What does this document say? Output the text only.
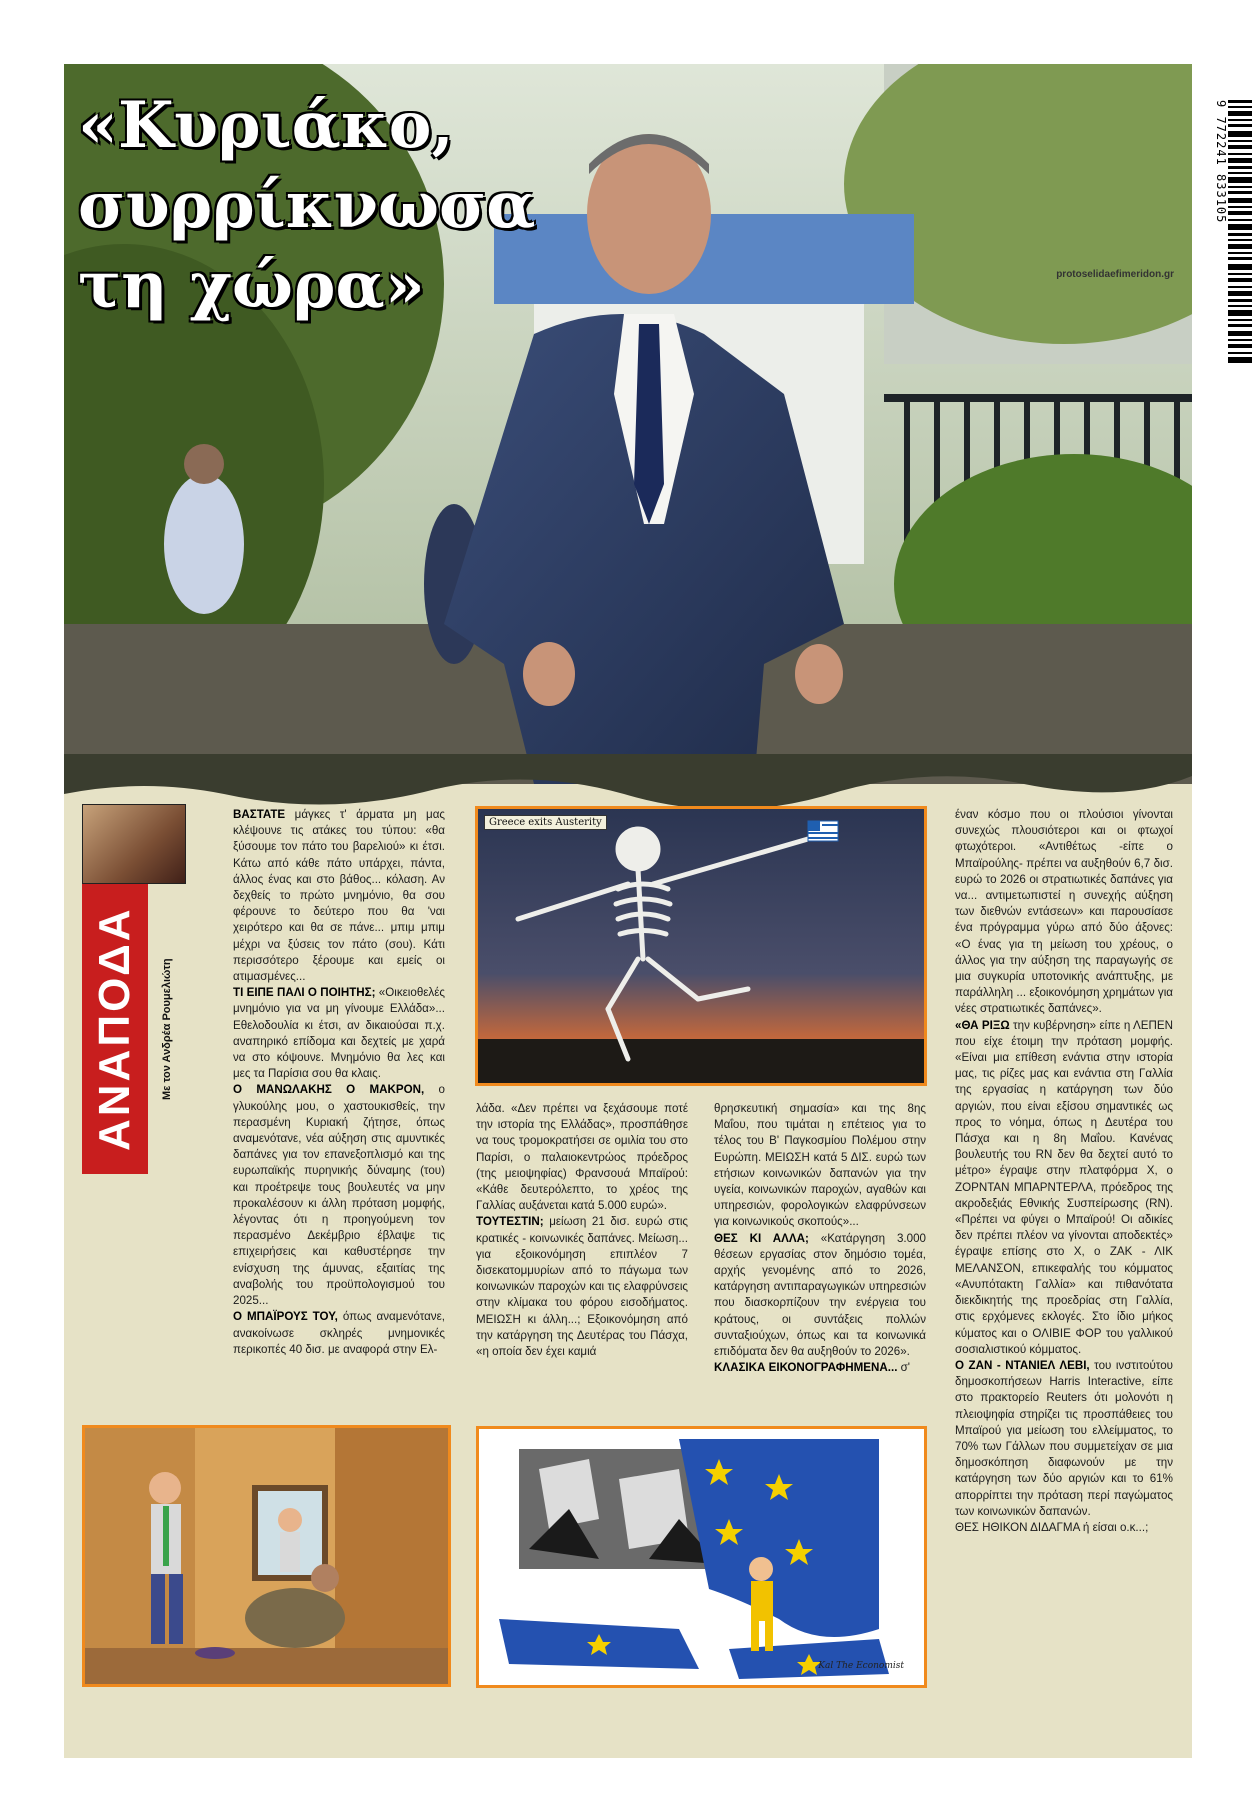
9 772241 833105
«Κυριάκο,
συρρίκνωσα
τη χώρα»	protoselidaefimeridon.gr
ΑΝΑΠΟΔΑ	Με τον Ανδρέα Ρουμελιώτη

ΒΑΣΤΑΤΕ μάγκες τ' άρματα μη μας κλέψουνε τις ατάκες του τύπου: «θα ξύσουμε τον πάτο του βαρελιού» κι έτσι. Κάτω από κάθε πάτο υπάρχει, πάντα, άλλος ένας και στο βάθος... κόλαση. Αν δεχθείς το πρώτο μνημόνιο, θα σου φέρουνε το δεύτερο που θα 'ναι χειρότερο και θα σε πάνε... μπιμ μπιμ μέχρι να ξύσεις τον πάτο (σου). Κάτι περισσότερο ξέρουμε και εμείς οι ατιμασμένες...

ΤΙ ΕΙΠΕ ΠΑΛΙ Ο ΠΟΙΗΤΗΣ; «Οικειοθελές μνημόνιο για να μη γίνουμε Ελλάδα»... Εθελοδουλία κι έτσι, αν δικαιούσαι π.χ. αναπηρικό επίδομα και δεχτείς με χαρά να στο κόψουνε. Μνημόνιο θα λες και μες τα Παρίσια σου θα κλαις.

Ο ΜΑΝΩΛΑΚΗΣ Ο ΜΑΚΡΟΝ, ο γλυκούλης μου, ο χαστουκισθείς, την περασμένη Κυριακή ζήτησε, όπως αναμενότανε, νέα αύξηση στις αμυντικές δαπάνες για τον επανεξοπλισμό και της ευρωπαϊκής πυρηνικής δύναμης (του) και προέτρεψε τους βουλευτές να μην προκαλέσουν κι άλλη πρόταση μομφής, λέγοντας ότι η προηγούμενη τον περασμένο Δεκέμβριο έβλαψε τις επιχειρήσεις και καθυστέρησε την ενίσχυση της άμυνας, εξαιτίας της αναβολής του προϋπολογισμού του 2025...

Ο ΜΠΑΪΡΟΥΣ ΤΟΥ, όπως αναμενότανε, ανακοίνωσε σκληρές μνημονικές περικοπές 40 δισ. με αναφορά στην Ελ-

λάδα. «Δεν πρέπει να ξεχάσουμε ποτέ την ιστορία της Ελλάδας», προσπάθησε να τους τρομοκρατήσει σε ομιλία του στο Παρίσι, ο παλαιοκεντρώος πρόεδρος (της μειοψηφίας) Φρανσουά Μπαϊρού: «Κάθε δευτερόλεπτο, το χρέος της Γαλλίας αυξάνεται κατά 5.000 ευρώ».

ΤΟΥΤΕΣΤΙΝ; μείωση 21 δισ. ευρώ στις κρατικές - κοινωνικές δαπάνες. Μείωση... για εξοικονόμηση επιπλέον 7 δισεκατομμυρίων από το πάγωμα των κοινωνικών παροχών και τις ελαφρύνσεις στην κλίμακα του φόρου εισοδήματος. ΜΕΙΩΣΗ κι άλλη...; Εξοικονόμηση από την κατάργηση της Δευτέρας του Πάσχα, «η οποία δεν έχει καμιά

θρησκευτική σημασία» και της 8ης Μαΐου, που τιμάται η επέτειος για το τέλος του Β' Παγκοσμίου Πολέμου στην Ευρώπη. ΜΕΙΩΣΗ κατά 5 ΔΙΣ. ευρώ των ετήσιων κοινωνικών δαπανών για την υγεία, κοινωνικών παροχών, αγαθών και υπηρεσιών, φορολογικών ελαφρύνσεων για κοινωνικούς σκοπούς»...

ΘΕΣ ΚΙ ΑΛΛΑ; «Κατάργηση 3.000 θέσεων εργασίας στον δημόσιο τομέα, αρχής γενομένης από το 2026, κατάργηση αντιπαραγωγικών υπηρεσιών που διασκορπίζουν την ενέργεια του κράτους, οι συντάξεις πολλών συνταξιούχων, όπως και τα κοινωνικά επιδόματα δεν θα αυξηθούν το 2026».

ΚΛΑΣΙΚΑ ΕΙΚΟΝΟΓΡΑΦΗΜΕΝΑ... σ'

έναν κόσμο που οι πλούσιοι γίνονται συνεχώς πλουσιότεροι και οι φτωχοί φτωχότεροι. «Αντιθέτως -είπε ο Μπαϊρούλης- πρέπει να αυξηθούν 6,7 δισ. ευρώ το 2026 οι στρατιωτικές δαπάνες για να... αντιμετωπιστεί η συνεχής αύξηση των διεθνών εντάσεων» και παρουσίασε ένα πρόγραμμα γύρω από δύο άξονες: «Ο ένας για τη μείωση του χρέους, ο άλλος για την αύξηση της παραγωγής σε μια συγκυρία υποτονικής ανάπτυξης, με παράλληλη ... εξοικονόμηση χρημάτων για νέες στρατιωτικές δαπάνες».

«ΘΑ ΡΙΞΩ την κυβέρνηση» είπε η ΛΕΠΕΝ που είχε έτοιμη την πρόταση μομφής. «Είναι μια επίθεση ενάντια στην ιστορία μας, τις ρίζες μας και ενάντια στη Γαλλία της εργασίας η κατάργηση των δύο αργιών, που είναι εξίσου σημαντικές ως προς το νόημα, όπως η Δευτέρα του Πάσχα και η 8η Μαΐου. Κανένας βουλευτής του RN δεν θα δεχτεί αυτό το μέτρο» έγραψε στην πλατφόρμα Χ, ο ΖΟΡΝΤΑΝ ΜΠΑΡΝΤΕΡΛΑ, πρόεδρος της ακροδεξιάς Εθνικής Συσπείρωσης (RN). «Πρέπει να φύγει ο Μπαϊρού! Οι αδικίες δεν πρέπει πλέον να γίνονται αποδεκτές» έγραψε επίσης στο Χ, ο ΖΑΚ - ΛΙΚ ΜΕΛΑΝΣΟΝ, επικεφαλής του κόμματος «Ανυπότακτη Γαλλία» και πιθανότατα διεκδικητής της προεδρίας στη Γαλλία, στις ερχόμενες εκλογές. Στο ίδιο μήκος κύματος και ο ΟΛΙΒΙΕ ΦΟΡ του γαλλικού σοσιαλιστικού κόμματος.

Ο ΖΑΝ - ΝΤΑΝΙΕΛ ΛΕΒΙ, του ινστιτούτου δημοσκοπήσεων Harris Interactive, είπε στο πρακτορείο Reuters ότι μολονότι η πλειοψηφία στηρίζει τις προσπάθειες του Μπαϊρού για μείωση του ελλείμματος, το 70% των Γάλλων που συμμετείχαν σε μια δημοσκόπηση διαφωνούν με την κατάργηση των δύο αργιών και το 61% απορρίπτει την πρόταση περί παγώματος των κοινωνικών δαπανών.

ΘΕΣ ΗΘΙΚΟΝ ΔΙΔΑΓΜΑ ή είσαι ο.κ...;

Greece exits Austerity
Kal The Economist
